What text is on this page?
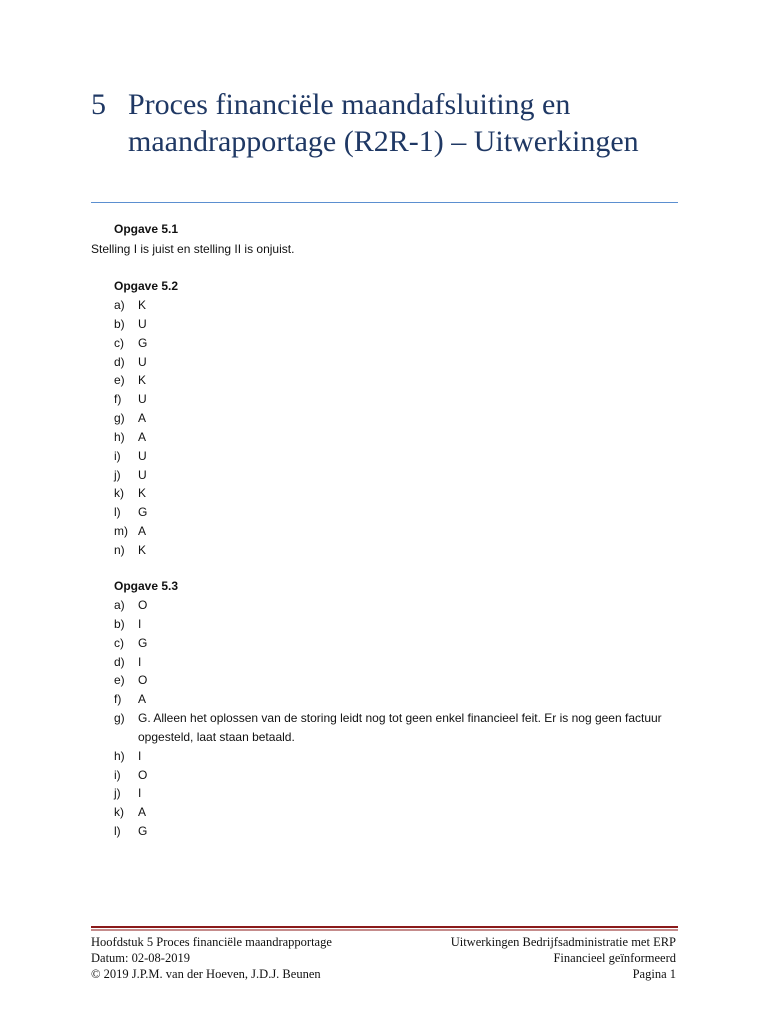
5 Proces financiële maandafsluiting en maandrapportage (R2R-1) – Uitwerkingen
Opgave 5.1
Stelling I is juist en stelling II is onjuist.
Opgave 5.2
a) K
b) U
c) G
d) U
e) K
f) U
g) A
h) A
i) U
j) U
k) K
l) G
m) A
n) K
Opgave 5.3
a) O
b) I
c) G
d) I
e) O
f) A
g) G. Alleen het oplossen van de storing leidt nog tot geen enkel financieel feit. Er is nog geen factuur opgesteld, laat staan betaald.
h) I
i) O
j) I
k) A
l) G
Hoofdstuk 5 Proces financiële maandrapportage
Datum: 02-08-2019
© 2019 J.P.M. van der Hoeven, J.D.J. Beunen
Uitwerkingen Bedrijfsadministratie met ERP
Financieel geïnformeerd
Pagina 1
